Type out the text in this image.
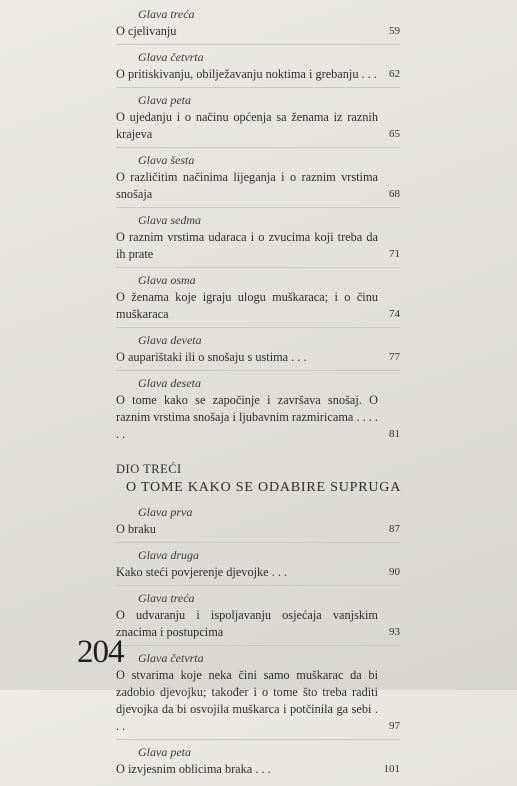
Glava treća
O cjelivanju	59
Glava četvrta
O pritiskivanju, obilježavanju noktima i grebanju . . .	62
Glava peta
O ujedanju i o načinu općenja sa ženama iz raznih krajeva	65
Glava šesta
O različitim načinima lijeganja i o raznim vrstima snošaja	68
Glava sedma
O raznim vrstima udaraca i o zvucima koji treba da ih prate	71
Glava osma
O ženama koje igraju ulogu muškaraca; i o činu muškaraca	74
Glava deveta
O auparištaki ili o snošaju s ustima . . .	77
Glava deseta
O tome kako se započinje i završava snošaj. O raznim vrstima snošaja i ljubavnim razmiricama . . . . . .	81
DIO TREĆI
O TOME KAKO SE ODABIRE SUPRUGA
Glava prva
O braku	87
Glava druga
Kako steći povjerenje djevojke . . .	90
Glava treća
O udvaranju i ispoljavanju osjećaja vanjskim znacima i postupcima	93
Glava četvrta
O stvarima koje neka čini samo muškarac da bi zadobio djevojku; također i o tome što treba raditi djevojka da bi osvojila muškarca i potčinila ga sebi . . .	97
Glava peta
O izvjesnim oblicima braka . . .	101
204
